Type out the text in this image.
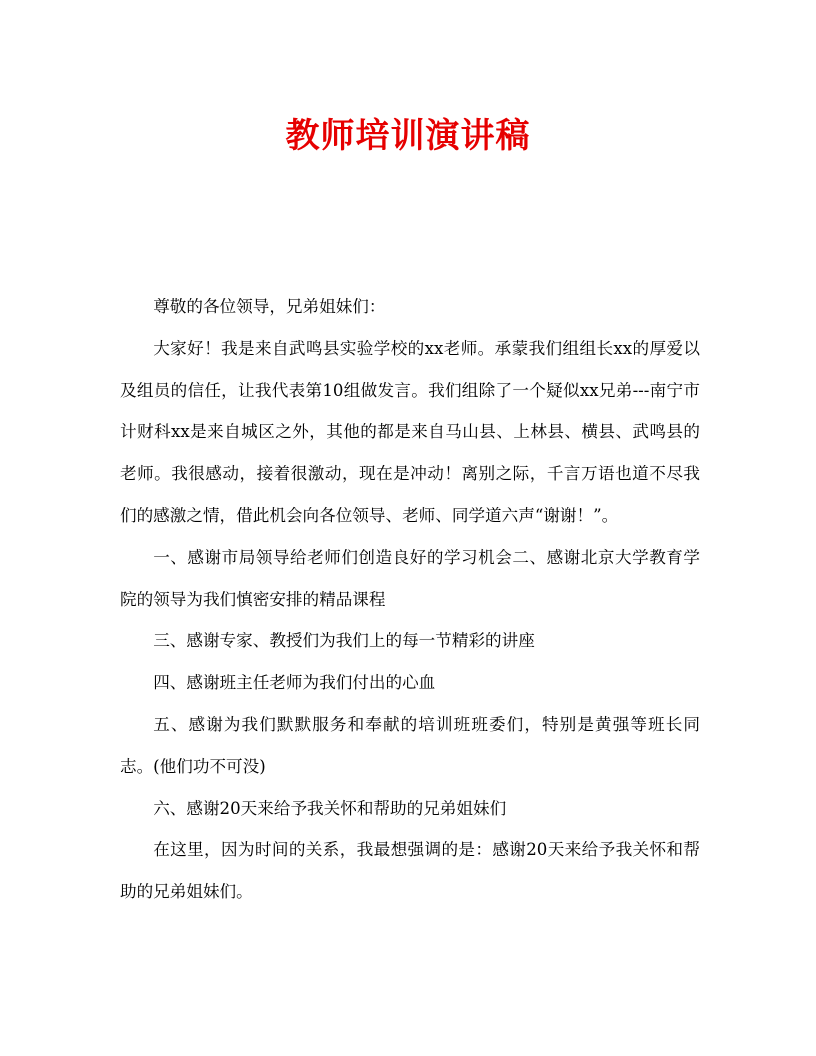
教师培训演讲稿

尊敬的各位领导，兄弟姐妹们：

大家好！我是来自武鸣县实验学校的xx老师。承蒙我们组组长xx的厚爱以及组员的信任，让我代表第10组做发言。我们组除了一个疑似xx兄弟---南宁市计财科xx是来自城区之外，其他的都是来自马山县、上林县、横县、武鸣县的老师。我很感动，接着很激动，现在是冲动！离别之际，千言万语也道不尽我们的感激之情，借此机会向各位领导、老师、同学道六声“谢谢！”。

一、感谢市局领导给老师们创造良好的学习机会二、感谢北京大学教育学院的领导为我们慎密安排的精品课程

三、感谢专家、教授们为我们上的每一节精彩的讲座

四、感谢班主任老师为我们付出的心血

五、感谢为我们默默服务和奉献的培训班班委们，特别是黄强等班长同志。(他们功不可没)

六、感谢20天来给予我关怀和帮助的兄弟姐妹们

在这里，因为时间的关系，我最想强调的是：感谢20天来给予我关怀和帮助的兄弟姐妹们。
